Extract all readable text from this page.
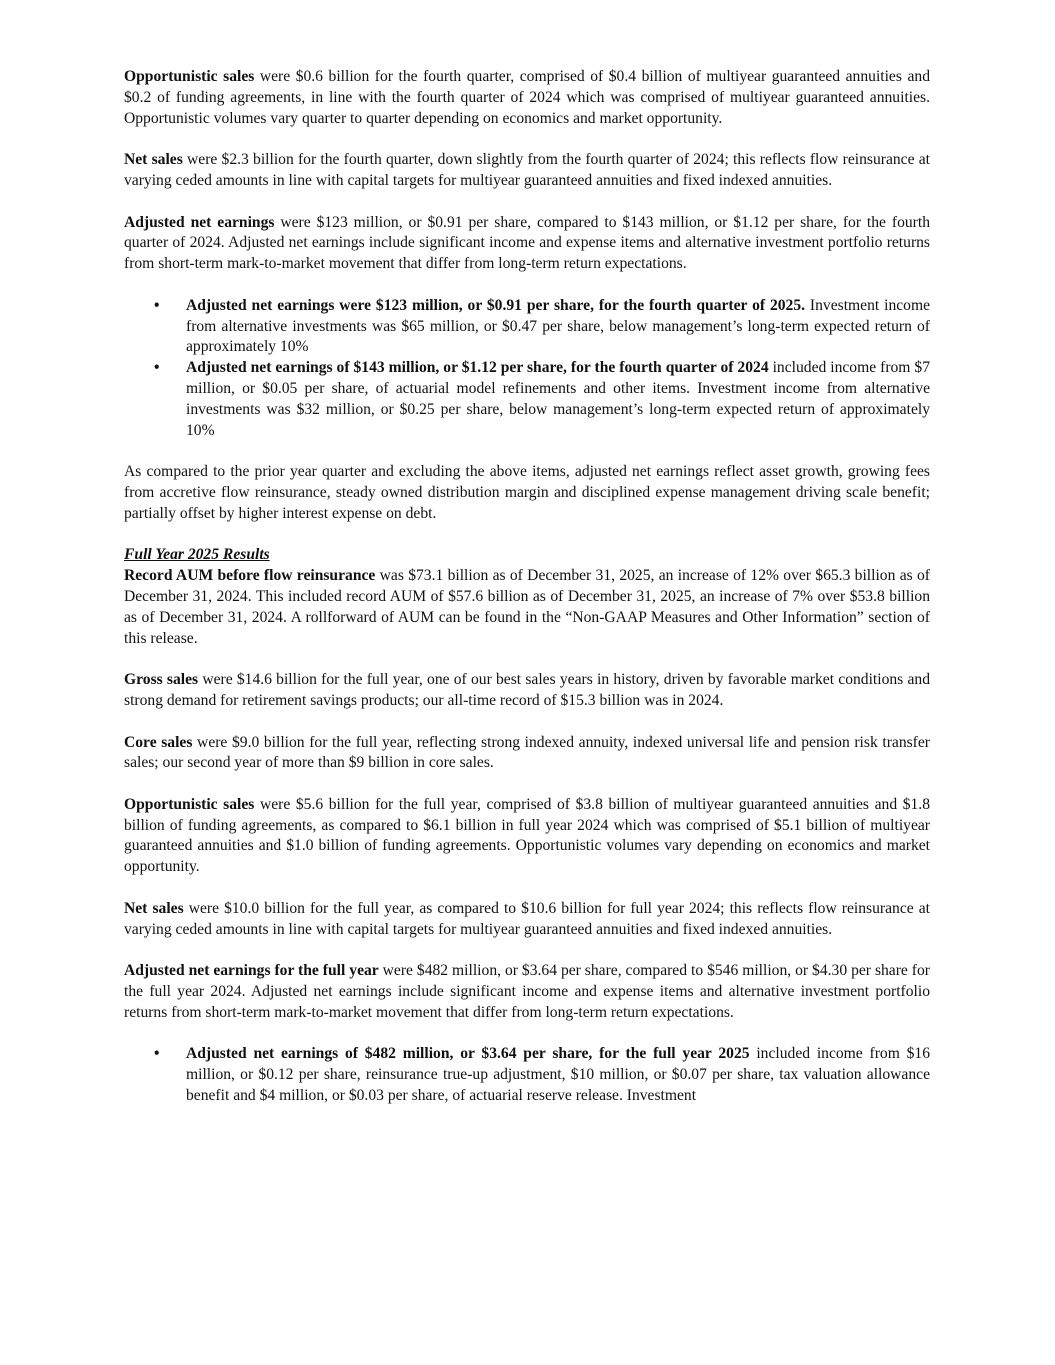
Opportunistic sales were $0.6 billion for the fourth quarter, comprised of $0.4 billion of multiyear guaranteed annuities and $0.2 of funding agreements, in line with the fourth quarter of 2024 which was comprised of multiyear guaranteed annuities. Opportunistic volumes vary quarter to quarter depending on economics and market opportunity.

Net sales were $2.3 billion for the fourth quarter, down slightly from the fourth quarter of 2024; this reflects flow reinsurance at varying ceded amounts in line with capital targets for multiyear guaranteed annuities and fixed indexed annuities.

Adjusted net earnings were $123 million, or $0.91 per share, compared to $143 million, or $1.12 per share, for the fourth quarter of 2024. Adjusted net earnings include significant income and expense items and alternative investment portfolio returns from short-term mark-to-market movement that differ from long-term return expectations.

• Adjusted net earnings were $123 million, or $0.91 per share, for the fourth quarter of 2025. Investment income from alternative investments was $65 million, or $0.47 per share, below management’s long-term expected return of approximately 10%
• Adjusted net earnings of $143 million, or $1.12 per share, for the fourth quarter of 2024 included income from $7 million, or $0.05 per share, of actuarial model refinements and other items. Investment income from alternative investments was $32 million, or $0.25 per share, below management’s long-term expected return of approximately 10%

As compared to the prior year quarter and excluding the above items, adjusted net earnings reflect asset growth, growing fees from accretive flow reinsurance, steady owned distribution margin and disciplined expense management driving scale benefit; partially offset by higher interest expense on debt.

Full Year 2025 Results

Record AUM before flow reinsurance was $73.1 billion as of December 31, 2025, an increase of 12% over $65.3 billion as of December 31, 2024. This included record AUM of $57.6 billion as of December 31, 2025, an increase of 7% over $53.8 billion as of December 31, 2024. A rollforward of AUM can be found in the “Non-GAAP Measures and Other Information” section of this release.

Gross sales were $14.6 billion for the full year, one of our best sales years in history, driven by favorable market conditions and strong demand for retirement savings products; our all-time record of $15.3 billion was in 2024.

Core sales were $9.0 billion for the full year, reflecting strong indexed annuity, indexed universal life and pension risk transfer sales; our second year of more than $9 billion in core sales.

Opportunistic sales were $5.6 billion for the full year, comprised of $3.8 billion of multiyear guaranteed annuities and $1.8 billion of funding agreements, as compared to $6.1 billion in full year 2024 which was comprised of $5.1 billion of multiyear guaranteed annuities and $1.0 billion of funding agreements. Opportunistic volumes vary depending on economics and market opportunity.

Net sales were $10.0 billion for the full year, as compared to $10.6 billion for full year 2024; this reflects flow reinsurance at varying ceded amounts in line with capital targets for multiyear guaranteed annuities and fixed indexed annuities.

Adjusted net earnings for the full year were $482 million, or $3.64 per share, compared to $546 million, or $4.30 per share for the full year 2024. Adjusted net earnings include significant income and expense items and alternative investment portfolio returns from short-term mark-to-market movement that differ from long-term return expectations.

• Adjusted net earnings of $482 million, or $3.64 per share, for the full year 2025 included income from $16 million, or $0.12 per share, reinsurance true-up adjustment, $10 million, or $0.07 per share, tax valuation allowance benefit and $4 million, or $0.03 per share, of actuarial reserve release. Investment
